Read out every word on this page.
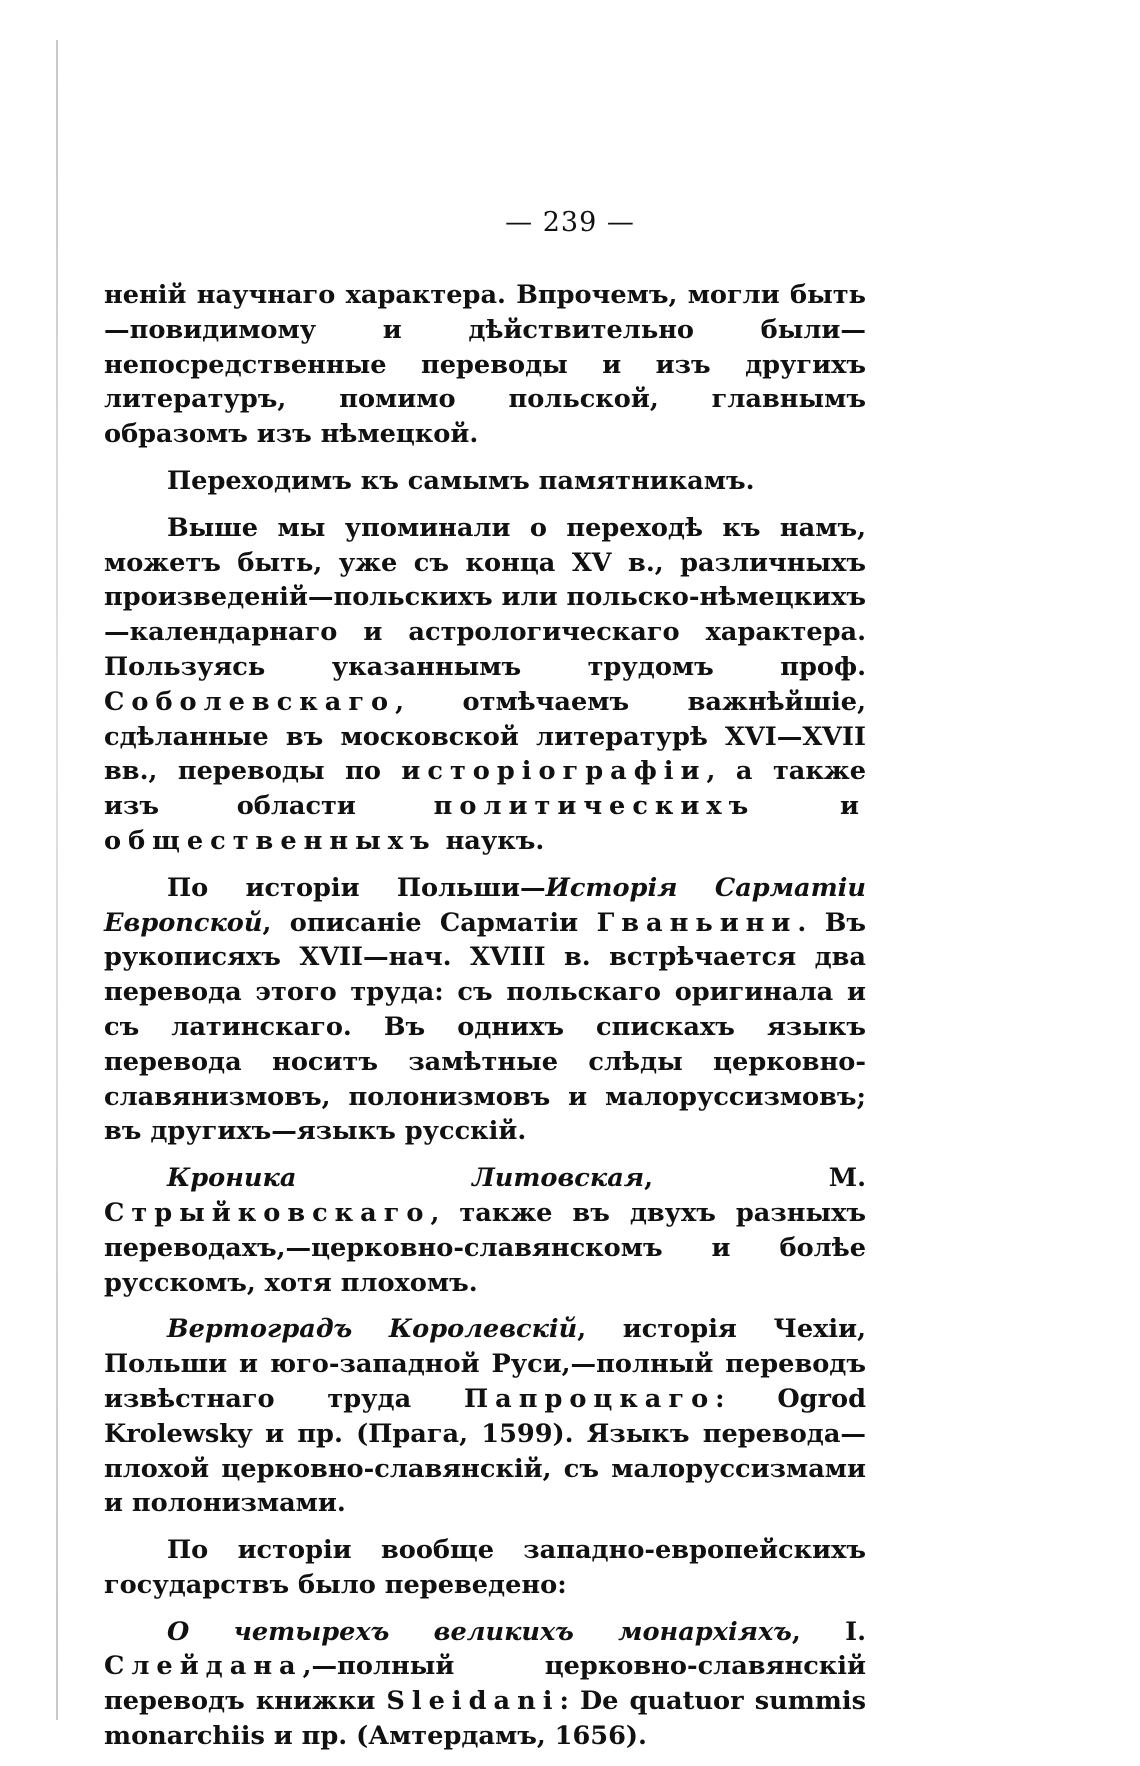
— 239 —

ненiй научнаго характера. Впрочемъ, могли быть—повидимому и дѣйствительно были—непосредственные переводы и изъ другихъ литературъ, помимо польской, главнымъ образомъ изъ нѣмецкой.

Переходимъ къ самымъ памятникамъ.

Выше мы упоминали о переходѣ къ намъ, можетъ быть, уже съ конца XV в., различныхъ произведенiй—польскихъ или польско-нѣмецкихъ—календарнаго и астрологическаго характера. Пользуясь указаннымъ трудомъ проф. Соболевскаго, отмѣчаемъ важнѣйшiе, сдѣланные въ московской литературѣ XVI—XVII вв., переводы по исторiографiи, а также изъ области политическихъ и общественныхъ наукъ.

По исторiи Польши—Исторiя Сарматiи Европской, описанiе Сарматiи Гваньини. Въ рукописяхъ XVII—нач. XVIII в. встрѣчается два перевода этого труда: съ польскаго оригинала и съ латинскаго. Въ однихъ спискахъ языкъ перевода носитъ замѣтные слѣды церковно-славянизмовъ, полонизмовъ и малоруссизмовъ; въ другихъ—языкъ русскiй.

Кроника Литовская, М. Стрыйковскаго, также въ двухъ разныхъ переводахъ,—церковно-славянскомъ и болѣе русскомъ, хотя плохомъ.

Вертоградъ Королевскiй, исторiя Чехiи, Польши и юго-западной Руси,—полный переводъ извѣстнаго труда Папроцкаго: Ogrod Krolewsky и пр. (Прага, 1599). Языкъ перевода—плохой церковно-славянскiй, съ малоруссизмами и полонизмами.

По исторiи вообще западно-европейскихъ государствъ было переведено:

О четырехъ великихъ монархiяхъ, I. Слейдана,—полный церковно-славянскiй переводъ книжки Sleidani: De quatuor summis monarchiis и пр. (Амтердамъ, 1656).
